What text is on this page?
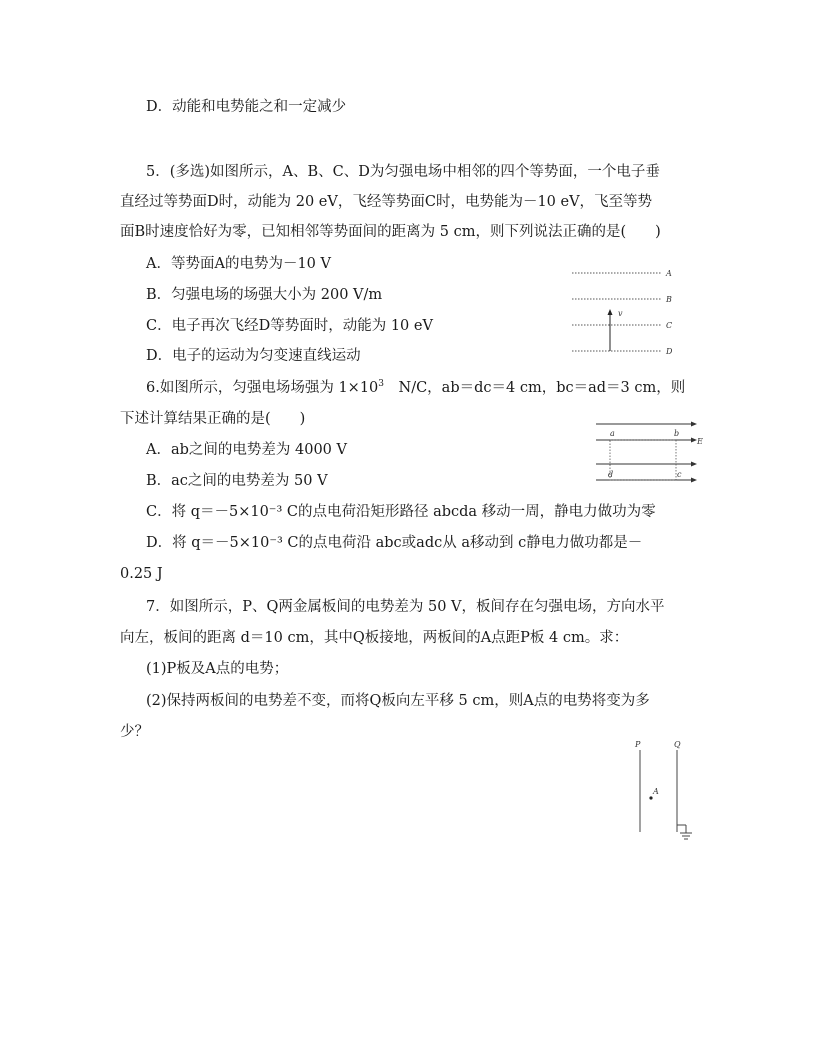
D．动能和电势能之和一定减少
5．(多选)如图所示，A、B、C、D为匀强电场中相邻的四个等势面，一个电子垂
直经过等势面D时，动能为 20 eV，飞经等势面C时，电势能为－10 eV，飞至等势
面B时速度恰好为零，已知相邻等势面间的距离为 5 cm，则下列说法正确的是(　　)
A．等势面A的电势为－10 V
B．匀强电场的场强大小为 200 V/m
C．电子再次飞经D等势面时，动能为 10 eV
D．电子的运动为匀变速直线运动
A
B
C
D
v
6.如图所示，匀强电场场强为 $1\times 10^3$　N/C，ab＝dc＝4 cm，bc＝ad＝3 cm，则
下述计算结果正确的是(　　)
A．ab之间的电势差为 4000 V
B．ac之间的电势差为 50 V
C．将 q＝－5×10⁻³ C的点电荷沿矩形路径 abcda 移动一周，静电力做功为零
D．将 q＝－5×10⁻³ C的点电荷沿 abc或adc从 a移动到 c静电力做功都是－
0.25 J
a	b
d	c
E
7．如图所示，P、Q两金属板间的电势差为 50 V，板间存在匀强电场，方向水平
向左，板间的距离 d＝10 cm，其中Q板接地，两板间的A点距P板 4 cm。求：
(1)P板及A点的电势；
(2)保持两板间的电势差不变，而将Q板向左平移 5 cm，则A点的电势将变为多
少？
P	Q
A
